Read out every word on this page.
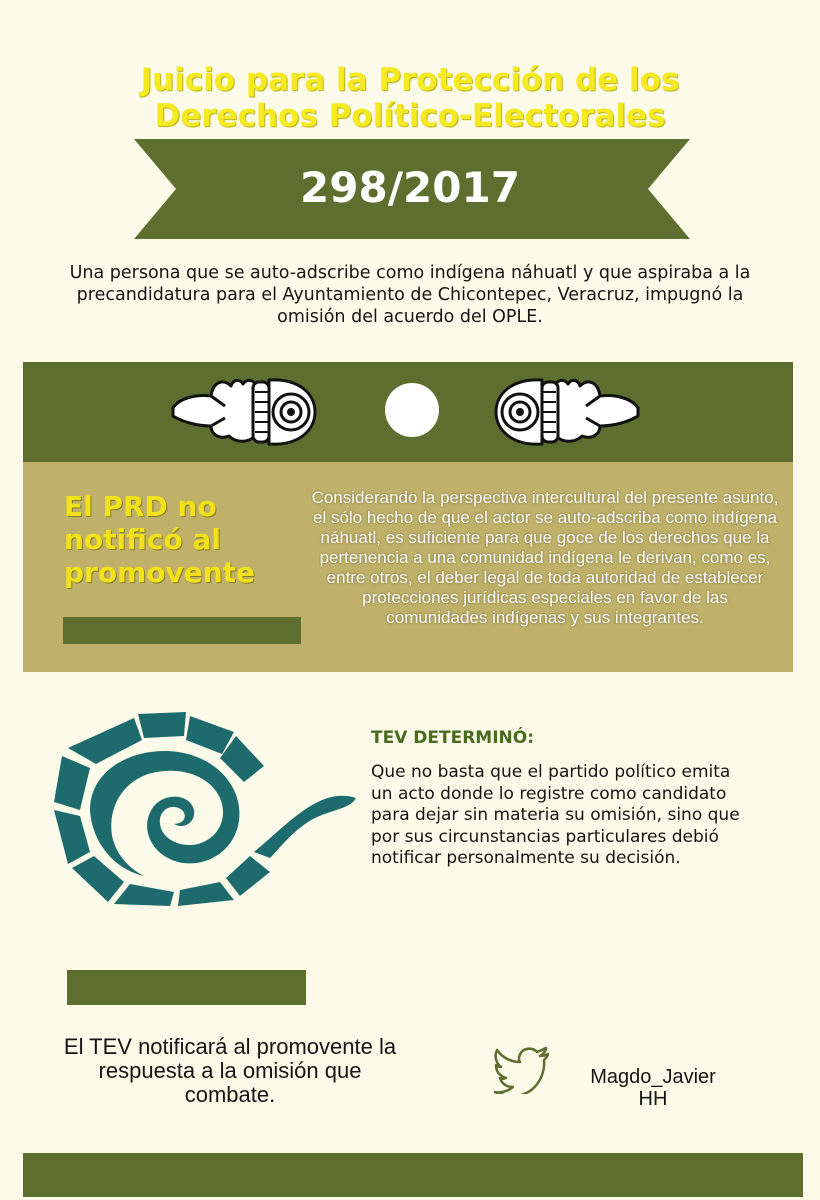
Juicio para la Protección de los
Derechos Político-Electorales
298/2017
Una persona que se auto-adscribe como indígena náhuatl y que aspiraba a la precandidatura para el Ayuntamiento de Chicontepec, Veracruz, impugnó la omisión del acuerdo del OPLE.
El PRD no
notificó al
promovente
Considerando la perspectiva intercultural del presente asunto, el sólo hecho de que el actor se auto-adscriba como indígena náhuatl, es suficiente para que goce de los derechos que la pertenencia a una comunidad indígena le derivan, como es, entre otros, el deber legal de toda autoridad de establecer protecciones jurídicas especiales en favor de las comunidades indígenas y sus integrantes.
TEV DETERMINÓ:
Que no basta que el partido político emita un acto donde lo registre como candidato para dejar sin materia su omisión, sino que por sus circunstancias particulares debió notificar personalmente su decisión.
El TEV notificará al promovente la respuesta a la omisión que combate.
Magdo_Javier
HH
